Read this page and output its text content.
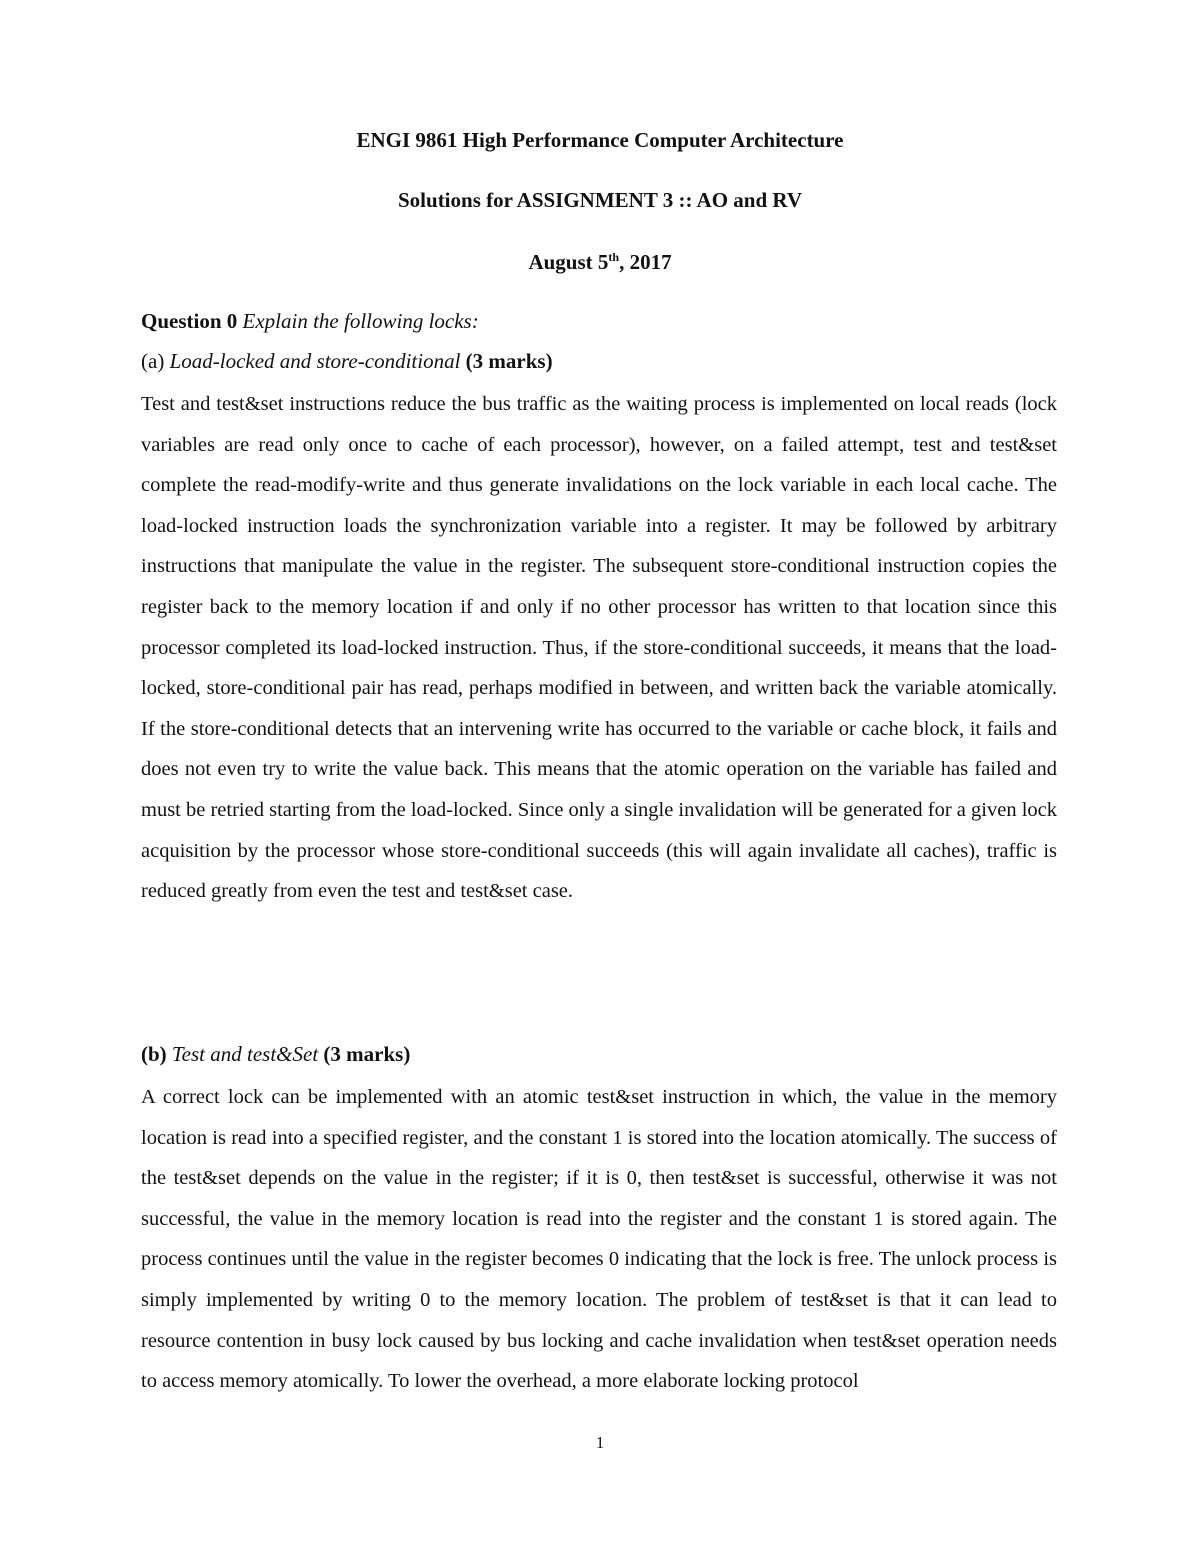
ENGI 9861 High Performance Computer Architecture
Solutions for ASSIGNMENT 3 :: AO and RV
August 5th, 2017
Question 0 Explain the following locks:
(a) Load-locked and store-conditional (3 marks)
Test and test&set instructions reduce the bus traffic as the waiting process is implemented on local reads (lock variables are read only once to cache of each processor), however, on a failed attempt, test and test&set complete the read-modify-write and thus generate invalidations on the lock variable in each local cache. The load-locked instruction loads the synchronization variable into a register. It may be followed by arbitrary instructions that manipulate the value in the register. The subsequent store-conditional instruction copies the register back to the memory location if and only if no other processor has written to that location since this processor completed its load-locked instruction. Thus, if the store-conditional succeeds, it means that the load-locked, store-conditional pair has read, perhaps modified in between, and written back the variable atomically. If the store-conditional detects that an intervening write has occurred to the variable or cache block, it fails and does not even try to write the value back. This means that the atomic operation on the variable has failed and must be retried starting from the load-locked. Since only a single invalidation will be generated for a given lock acquisition by the processor whose store-conditional succeeds (this will again invalidate all caches), traffic is reduced greatly from even the test and test&set case.
(b) Test and test&Set (3 marks)
A correct lock can be implemented with an atomic test&set instruction in which, the value in the memory location is read into a specified register, and the constant 1 is stored into the location atomically. The success of the test&set depends on the value in the register; if it is 0, then test&set is successful, otherwise it was not successful, the value in the memory location is read into the register and the constant 1 is stored again. The process continues until the value in the register becomes 0 indicating that the lock is free. The unlock process is simply implemented by writing 0 to the memory location. The problem of test&set is that it can lead to resource contention in busy lock caused by bus locking and cache invalidation when test&set operation needs to access memory atomically. To lower the overhead, a more elaborate locking protocol
1
